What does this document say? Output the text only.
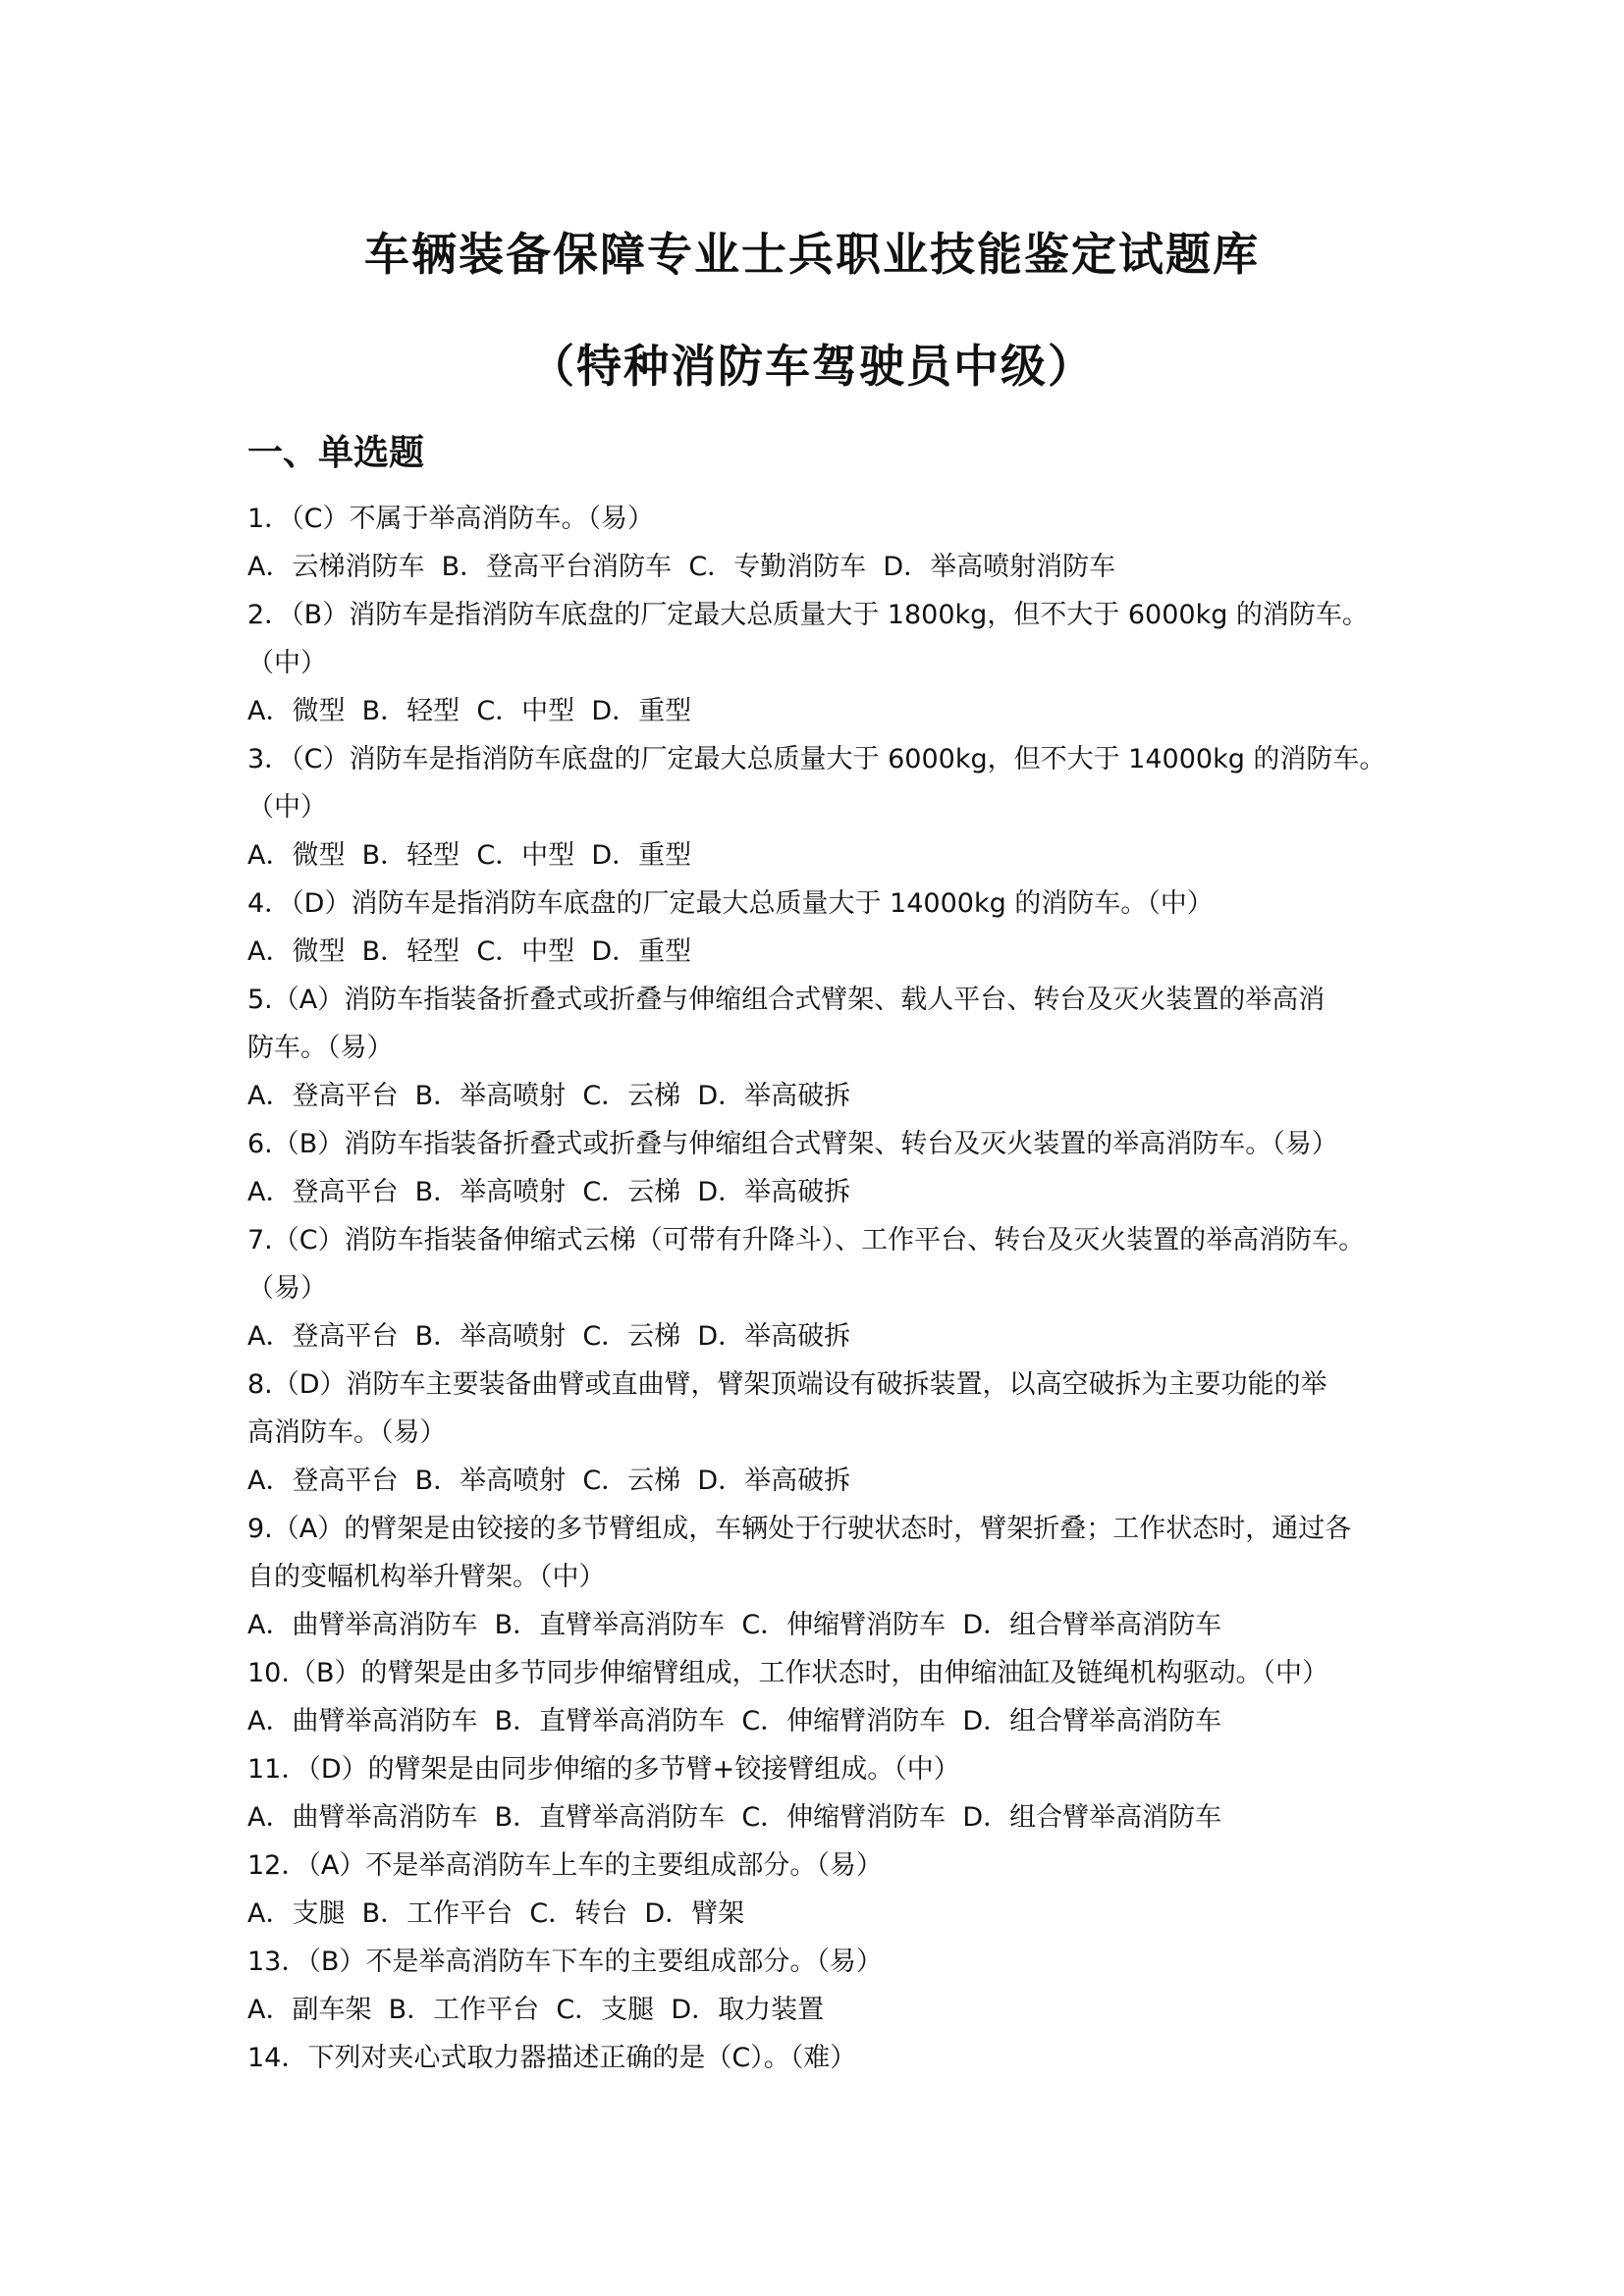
车辆装备保障专业士兵职业技能鉴定试题库
（特种消防车驾驶员中级）
一、单选题
1．（C）不属于举高消防车。（易）
A．云梯消防车  B．登高平台消防车  C．专勤消防车  D．举高喷射消防车
2．（B）消防车是指消防车底盘的厂定最大总质量大于 1800kg，但不大于 6000kg 的消防车。
（中）
A．微型  B．轻型  C．中型  D．重型
3．（C）消防车是指消防车底盘的厂定最大总质量大于 6000kg，但不大于 14000kg 的消防车。
（中）
A．微型  B．轻型  C．中型  D．重型
4．（D）消防车是指消防车底盘的厂定最大总质量大于 14000kg 的消防车。（中）
A．微型  B．轻型  C．中型  D．重型
5.（A）消防车指装备折叠式或折叠与伸缩组合式臂架、载人平台、转台及灭火装置的举高消
防车。（易）
A．登高平台  B．举高喷射  C．云梯  D．举高破拆
6.（B）消防车指装备折叠式或折叠与伸缩组合式臂架、转台及灭火装置的举高消防车。（易）
A．登高平台  B．举高喷射  C．云梯  D．举高破拆
7.（C）消防车指装备伸缩式云梯（可带有升降斗）、工作平台、转台及灭火装置的举高消防车。
（易）
A．登高平台  B．举高喷射  C．云梯  D．举高破拆
8.（D）消防车主要装备曲臂或直曲臂，臂架顶端设有破拆装置，以高空破拆为主要功能的举
高消防车。（易）
A．登高平台  B．举高喷射  C．云梯  D．举高破拆
9.（A）的臂架是由铰接的多节臂组成，车辆处于行驶状态时，臂架折叠；工作状态时，通过各
自的变幅机构举升臂架。（中）
A．曲臂举高消防车  B．直臂举高消防车  C．伸缩臂消防车  D．组合臂举高消防车
10.（B）的臂架是由多节同步伸缩臂组成，工作状态时，由伸缩油缸及链绳机构驱动。（中）
A．曲臂举高消防车  B．直臂举高消防车  C．伸缩臂消防车  D．组合臂举高消防车
11．（D）的臂架是由同步伸缩的多节臂+铰接臂组成。（中）
A．曲臂举高消防车  B．直臂举高消防车  C．伸缩臂消防车  D．组合臂举高消防车
12．（A）不是举高消防车上车的主要组成部分。（易）
A．支腿  B．工作平台  C．转台  D．臂架
13．（B）不是举高消防车下车的主要组成部分。（易）
A．副车架  B．工作平台  C．支腿  D．取力装置
14．下列对夹心式取力器描述正确的是（C）。（难）
